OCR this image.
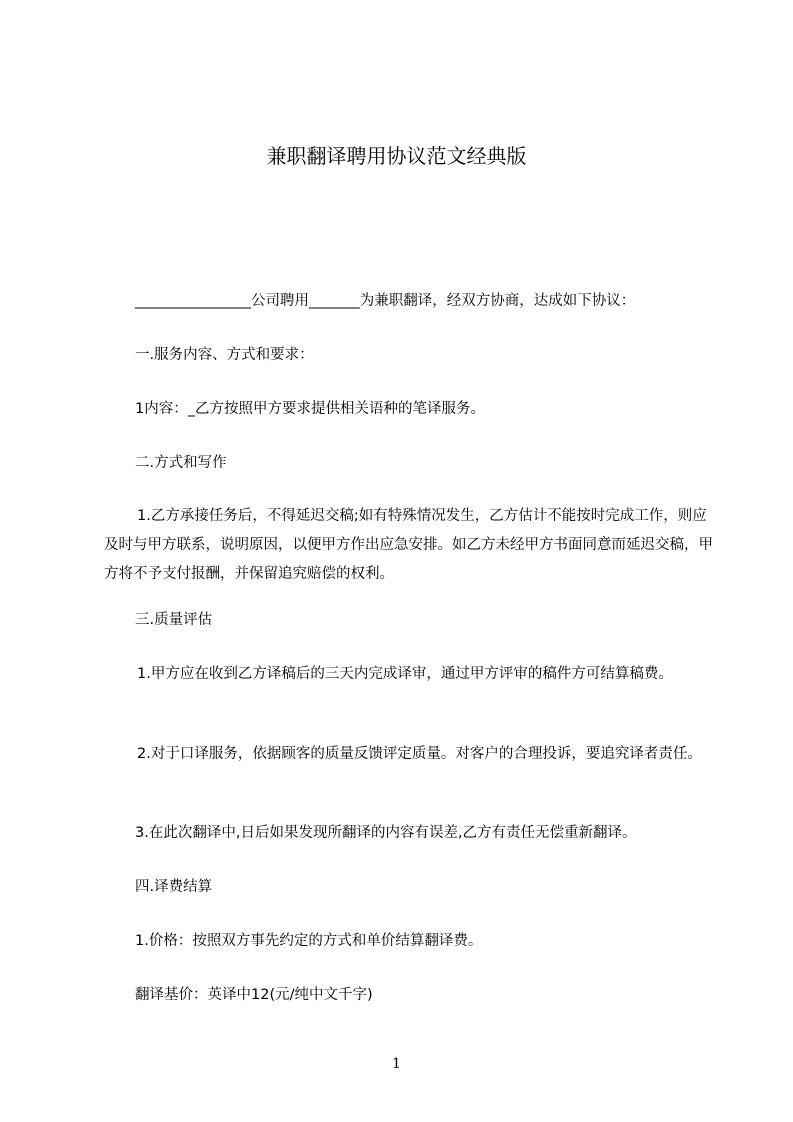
兼职翻译聘用协议范文经典版
________________公司聘用_______为兼职翻译，经双方协商，达成如下协议：
一.服务内容、方式和要求：
1内容：_乙方按照甲方要求提供相关语种的笔译服务。
二.方式和写作
1.乙方承接任务后，不得延迟交稿;如有特殊情况发生，乙方估计不能按时完成工作，则应及时与甲方联系，说明原因，以便甲方作出应急安排。如乙方未经甲方书面同意而延迟交稿，甲方将不予支付报酬，并保留追究赔偿的权利。
三.质量评估
1.甲方应在收到乙方译稿后的三天内完成译审，通过甲方评审的稿件方可结算稿费。
2.对于口译服务，依据顾客的质量反馈评定质量。对客户的合理投诉，要追究译者责任。
3.在此次翻译中,日后如果发现所翻译的内容有误差,乙方有责任无偿重新翻译。
四.译费结算
1.价格：按照双方事先约定的方式和单价结算翻译费。
翻译基价：英译中12(元/纯中文千字)
1
